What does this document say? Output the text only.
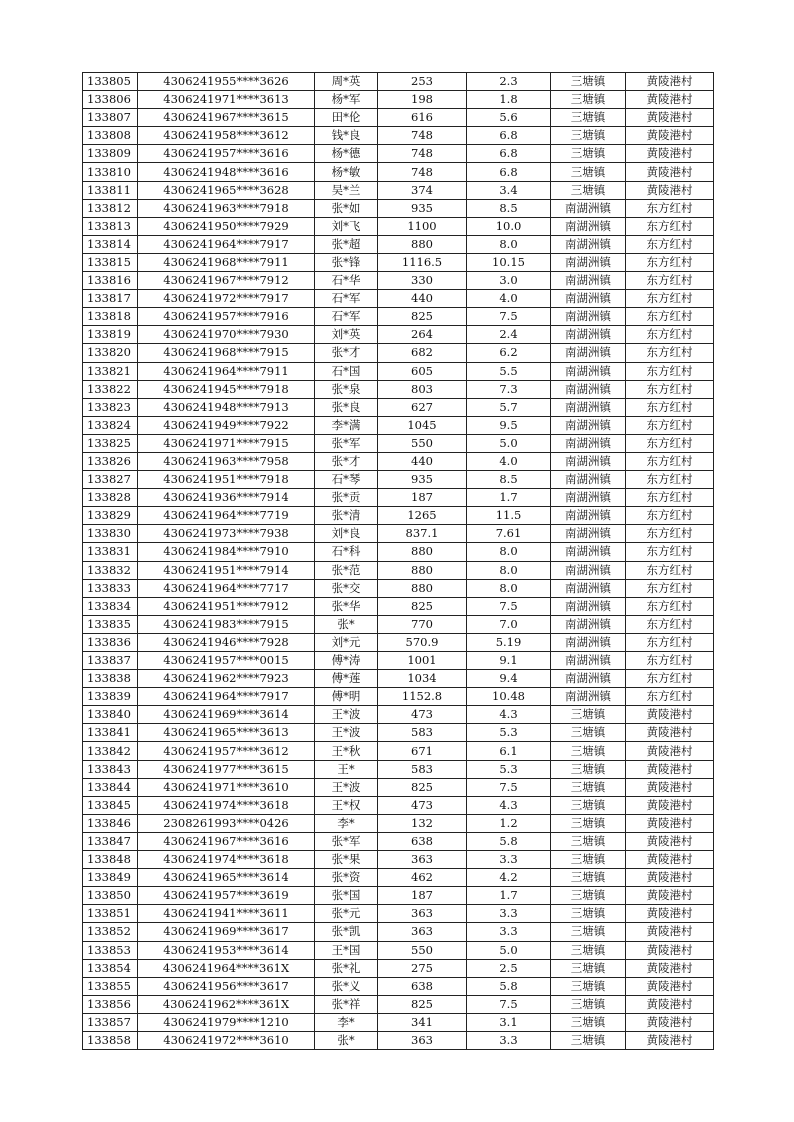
133805	4306241955****3626	周*英	253	2.3	三塘镇	黄陵港村
133806	4306241971****3613	杨*军	198	1.8	三塘镇	黄陵港村
133807	4306241967****3615	田*伦	616	5.6	三塘镇	黄陵港村
133808	4306241958****3612	钱*良	748	6.8	三塘镇	黄陵港村
133809	4306241957****3616	杨*德	748	6.8	三塘镇	黄陵港村
133810	4306241948****3616	杨*敏	748	6.8	三塘镇	黄陵港村
133811	4306241965****3628	吴*兰	374	3.4	三塘镇	黄陵港村
133812	4306241963****7918	张*如	935	8.5	南湖洲镇	东方红村
133813	4306241950****7929	刘*飞	1100	10.0	南湖洲镇	东方红村
133814	4306241964****7917	张*超	880	8.0	南湖洲镇	东方红村
133815	4306241968****7911	张*锋	1116.5	10.15	南湖洲镇	东方红村
133816	4306241967****7912	石*华	330	3.0	南湖洲镇	东方红村
133817	4306241972****7917	石*军	440	4.0	南湖洲镇	东方红村
133818	4306241957****7916	石*军	825	7.5	南湖洲镇	东方红村
133819	4306241970****7930	刘*英	264	2.4	南湖洲镇	东方红村
133820	4306241968****7915	张*才	682	6.2	南湖洲镇	东方红村
133821	4306241964****7911	石*国	605	5.5	南湖洲镇	东方红村
133822	4306241945****7918	张*泉	803	7.3	南湖洲镇	东方红村
133823	4306241948****7913	张*良	627	5.7	南湖洲镇	东方红村
133824	4306241949****7922	李*满	1045	9.5	南湖洲镇	东方红村
133825	4306241971****7915	张*军	550	5.0	南湖洲镇	东方红村
133826	4306241963****7958	张*才	440	4.0	南湖洲镇	东方红村
133827	4306241951****7918	石*琴	935	8.5	南湖洲镇	东方红村
133828	4306241936****7914	张*贡	187	1.7	南湖洲镇	东方红村
133829	4306241964****7719	张*清	1265	11.5	南湖洲镇	东方红村
133830	4306241973****7938	刘*良	837.1	7.61	南湖洲镇	东方红村
133831	4306241984****7910	石*科	880	8.0	南湖洲镇	东方红村
133832	4306241951****7914	张*范	880	8.0	南湖洲镇	东方红村
133833	4306241964****7717	张*交	880	8.0	南湖洲镇	东方红村
133834	4306241951****7912	张*华	825	7.5	南湖洲镇	东方红村
133835	4306241983****7915	张*	770	7.0	南湖洲镇	东方红村
133836	4306241946****7928	刘*元	570.9	5.19	南湖洲镇	东方红村
133837	4306241957****0015	傅*涛	1001	9.1	南湖洲镇	东方红村
133838	4306241962****7923	傅*莲	1034	9.4	南湖洲镇	东方红村
133839	4306241964****7917	傅*明	1152.8	10.48	南湖洲镇	东方红村
133840	4306241969****3614	王*波	473	4.3	三塘镇	黄陵港村
133841	4306241965****3613	王*波	583	5.3	三塘镇	黄陵港村
133842	4306241957****3612	王*秋	671	6.1	三塘镇	黄陵港村
133843	4306241977****3615	王*	583	5.3	三塘镇	黄陵港村
133844	4306241971****3610	王*波	825	7.5	三塘镇	黄陵港村
133845	4306241974****3618	王*权	473	4.3	三塘镇	黄陵港村
133846	2308261993****0426	李*	132	1.2	三塘镇	黄陵港村
133847	4306241967****3616	张*军	638	5.8	三塘镇	黄陵港村
133848	4306241974****3618	张*果	363	3.3	三塘镇	黄陵港村
133849	4306241965****3614	张*资	462	4.2	三塘镇	黄陵港村
133850	4306241957****3619	张*国	187	1.7	三塘镇	黄陵港村
133851	4306241941****3611	张*元	363	3.3	三塘镇	黄陵港村
133852	4306241969****3617	张*凯	363	3.3	三塘镇	黄陵港村
133853	4306241953****3614	王*国	550	5.0	三塘镇	黄陵港村
133854	4306241964****361X	张*礼	275	2.5	三塘镇	黄陵港村
133855	4306241956****3617	张*义	638	5.8	三塘镇	黄陵港村
133856	4306241962****361X	张*祥	825	7.5	三塘镇	黄陵港村
133857	4306241979****1210	李*	341	3.1	三塘镇	黄陵港村
133858	4306241972****3610	张*	363	3.3	三塘镇	黄陵港村
